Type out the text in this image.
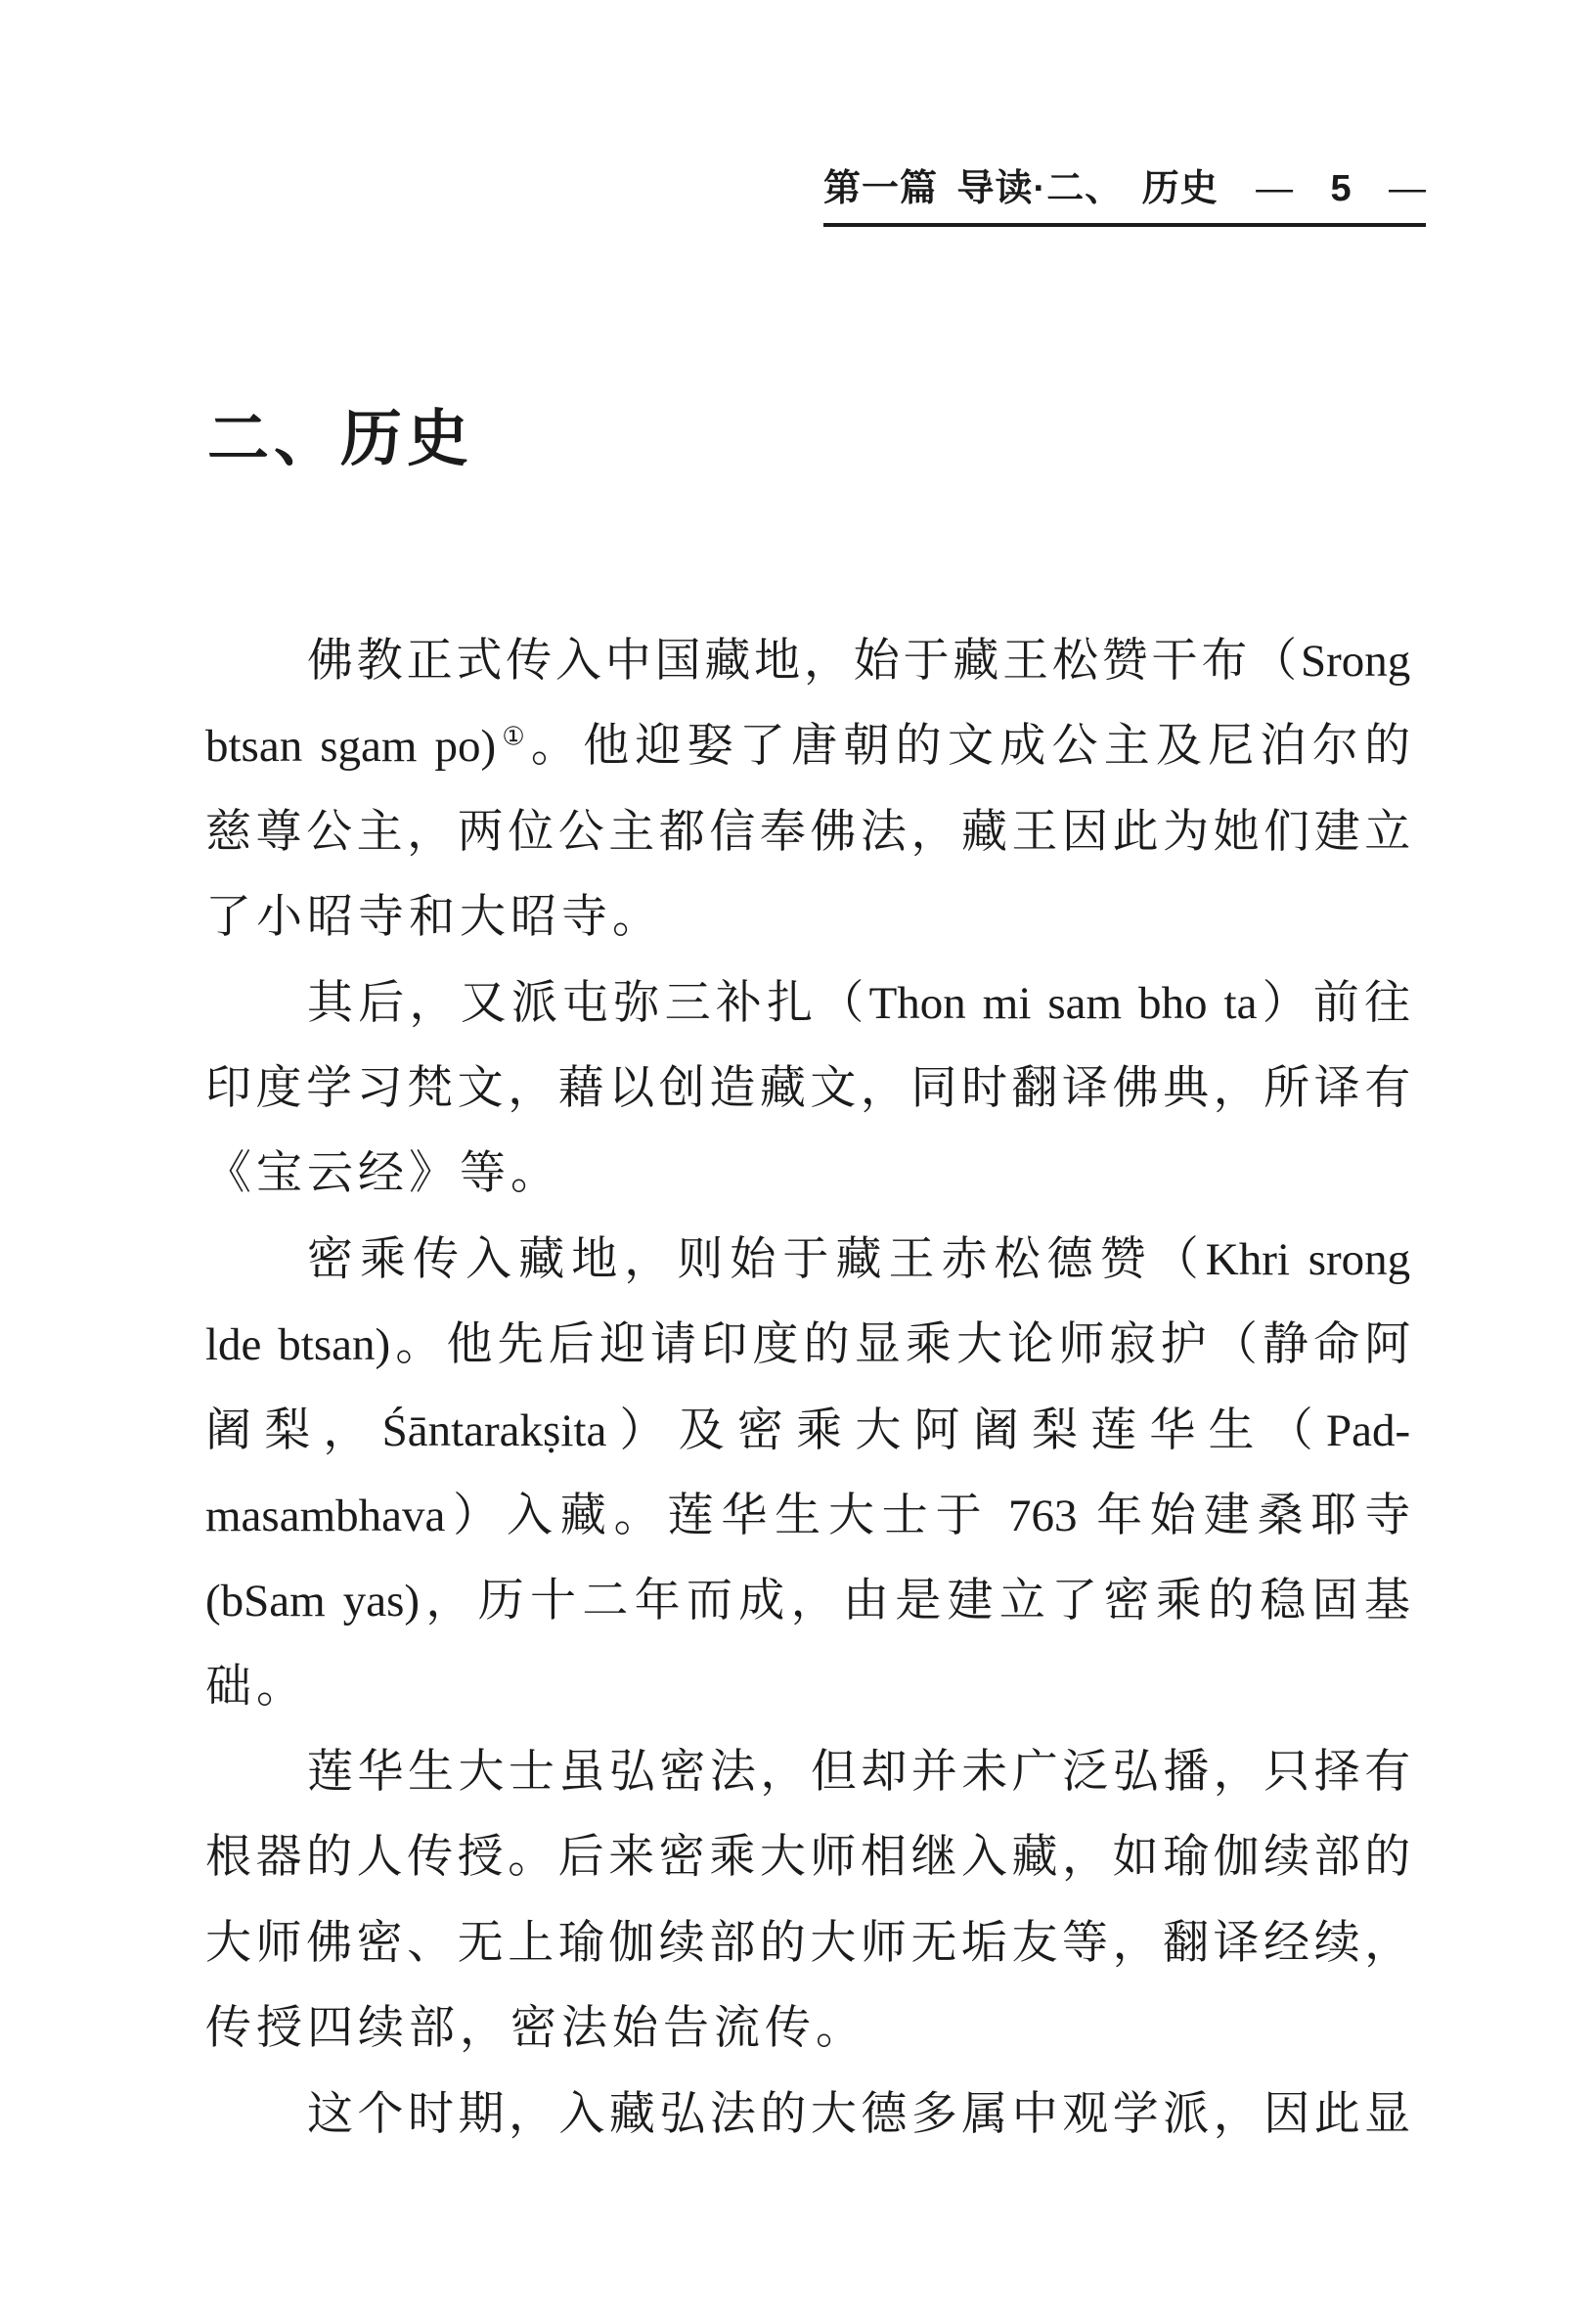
第一篇 导读·二、 历史 — 5 —
二、历史
佛教正式传入中国藏地，始于藏王松赞干布（Srong
btsan sgam po)①。他迎娶了唐朝的文成公主及尼泊尔的
慈尊公主，两位公主都信奉佛法，藏王因此为她们建立
了小昭寺和大昭寺。
其后，又派屯弥三补扎（Thon mi sam bho ta）前往
印度学习梵文，藉以创造藏文，同时翻译佛典，所译有
《宝云经》等。
密乘传入藏地，则始于藏王赤松德赞（Khri srong
lde btsan)。他先后迎请印度的显乘大论师寂护（静命阿
阇梨，Śāntarakṣita）及密乘大阿阇梨莲华生（Pad-
masambhava）入藏。莲华生大士于 763 年始建桑耶寺
(bSam yas)，历十二年而成，由是建立了密乘的稳固基
础。
莲华生大士虽弘密法，但却并未广泛弘播，只择有
根器的人传授。后来密乘大师相继入藏，如瑜伽续部的
大师佛密、无上瑜伽续部的大师无垢友等，翻译经续，
传授四续部，密法始告流传。
这个时期，入藏弘法的大德多属中观学派，因此显
